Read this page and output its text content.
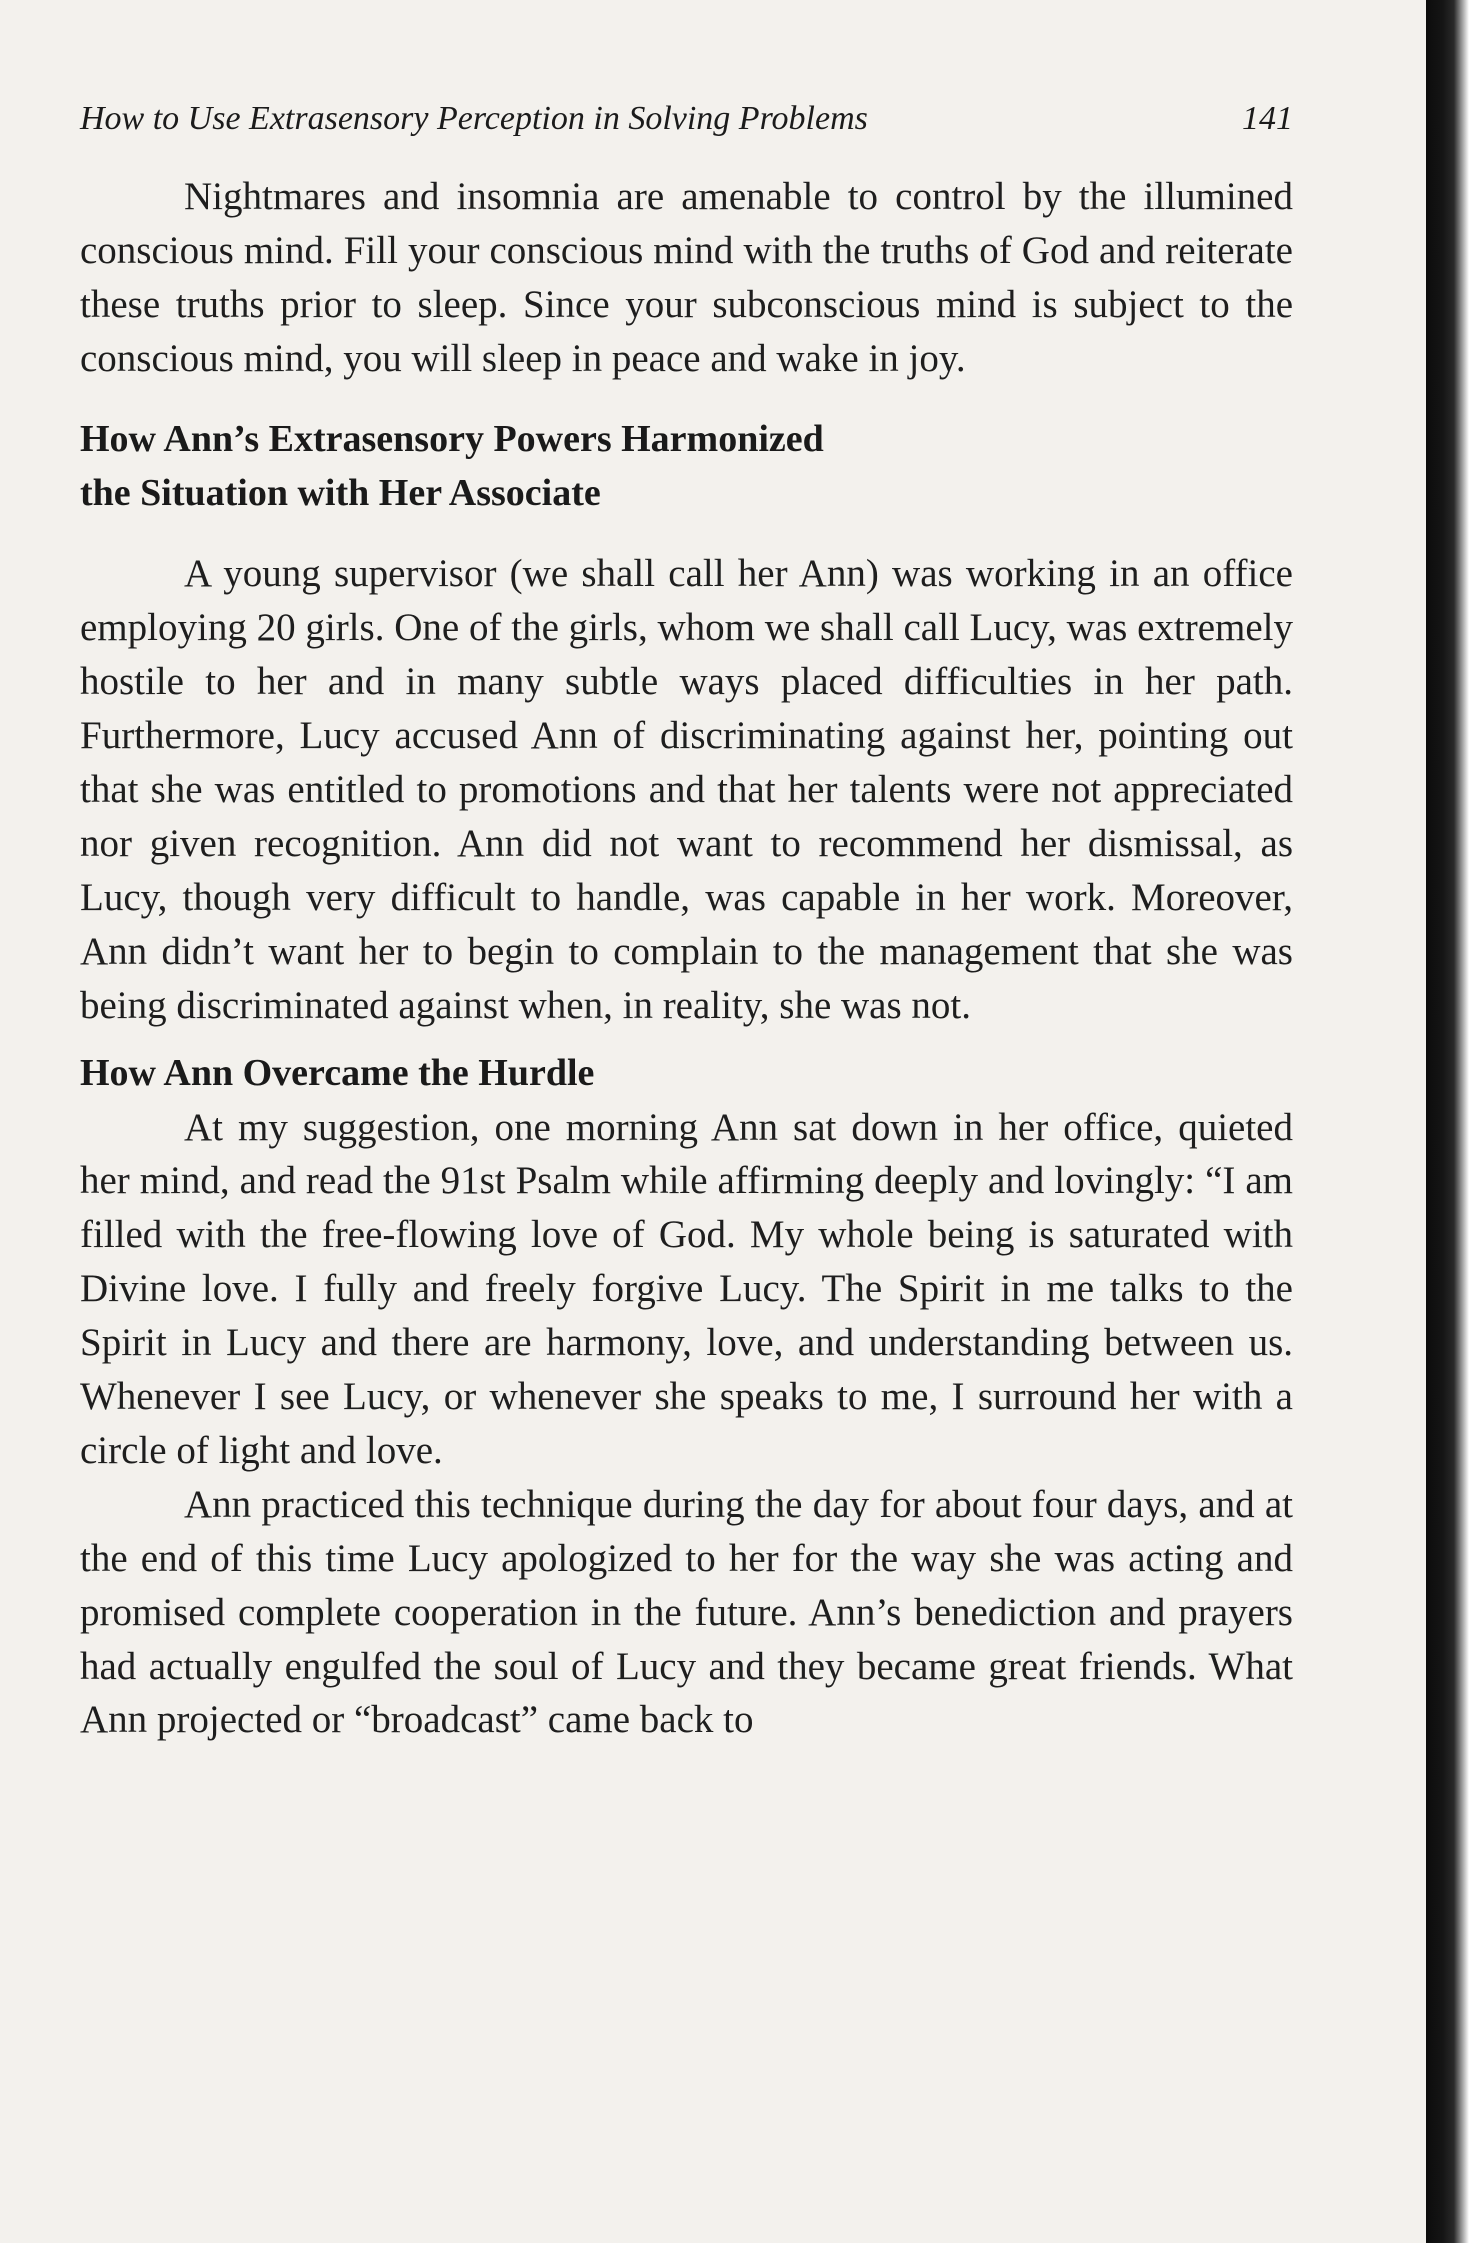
How to Use Extrasensory Perception in Solving Problems	141

Nightmares and insomnia are amenable to control by the illumined conscious mind. Fill your conscious mind with the truths of God and reiterate these truths prior to sleep. Since your subconscious mind is subject to the conscious mind, you will sleep in peace and wake in joy.

How Ann’s Extrasensory Powers Harmonized
the Situation with Her Associate

A young supervisor (we shall call her Ann) was working in an office employing 20 girls. One of the girls, whom we shall call Lucy, was extremely hostile to her and in many subtle ways placed difficulties in her path. Furthermore, Lucy accused Ann of discriminating against her, pointing out that she was entitled to promotions and that her talents were not appreciated nor given recognition. Ann did not want to recommend her dismissal, as Lucy, though very difficult to handle, was capable in her work. Moreover, Ann didn’t want her to begin to complain to the management that she was being discriminated against when, in reality, she was not.

How Ann Overcame the Hurdle

At my suggestion, one morning Ann sat down in her office, quieted her mind, and read the 91st Psalm while affirming deeply and lovingly: “I am filled with the free-flowing love of God. My whole being is saturated with Divine love. I fully and freely forgive Lucy. The Spirit in me talks to the Spirit in Lucy and there are harmony, love, and understanding between us. Whenever I see Lucy, or whenever she speaks to me, I surround her with a circle of light and love.

Ann practiced this technique during the day for about four days, and at the end of this time Lucy apologized to her for the way she was acting and promised complete cooperation in the future. Ann’s benediction and prayers had actually engulfed the soul of Lucy and they became great friends. What Ann projected or “broadcast” came back to
